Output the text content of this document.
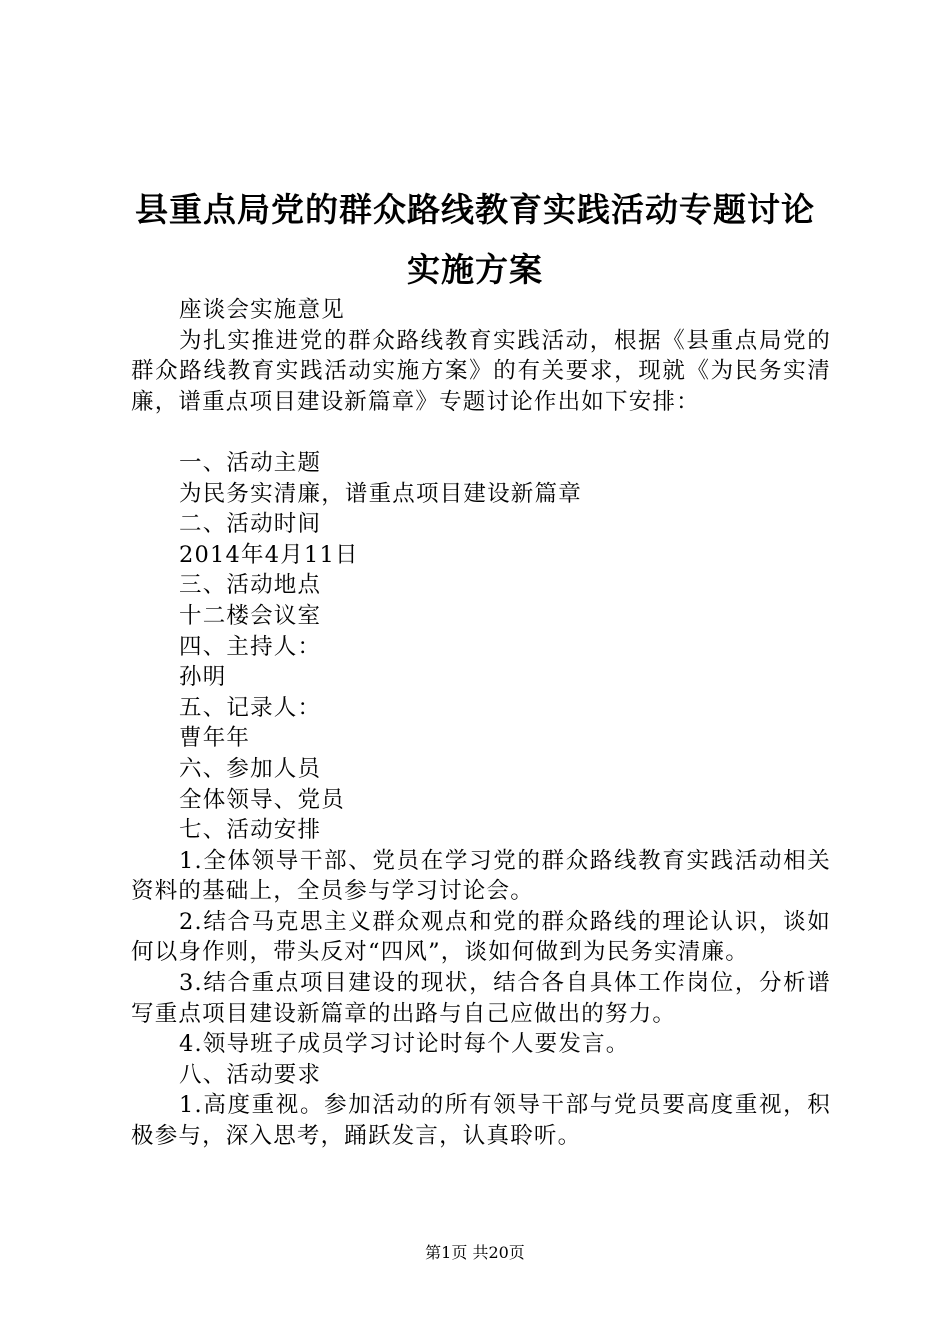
县重点局党的群众路线教育实践活动专题讨论
实施方案

座谈会实施意见

为扎实推进党的群众路线教育实践活动，根据《县重点局党的群众路线教育实践活动实施方案》的有关要求，现就《为民务实清廉，谱重点项目建设新篇章》专题讨论作出如下安排：

一、活动主题

为民务实清廉，谱重点项目建设新篇章

二、活动时间

2014年4月11日

三、活动地点

十二楼会议室

四、主持人：

孙明

五、记录人：

曹年年

六、参加人员

全体领导、党员

七、活动安排

1.全体领导干部、党员在学习党的群众路线教育实践活动相关资料的基础上，全员参与学习讨论会。

2.结合马克思主义群众观点和党的群众路线的理论认识，谈如何以身作则，带头反对“四风”，谈如何做到为民务实清廉。

3.结合重点项目建设的现状，结合各自具体工作岗位，分析谱写重点项目建设新篇章的出路与自己应做出的努力。

4.领导班子成员学习讨论时每个人要发言。

八、活动要求

1.高度重视。参加活动的所有领导干部与党员要高度重视，积极参与，深入思考，踊跃发言，认真聆听。

第1页 共20页
